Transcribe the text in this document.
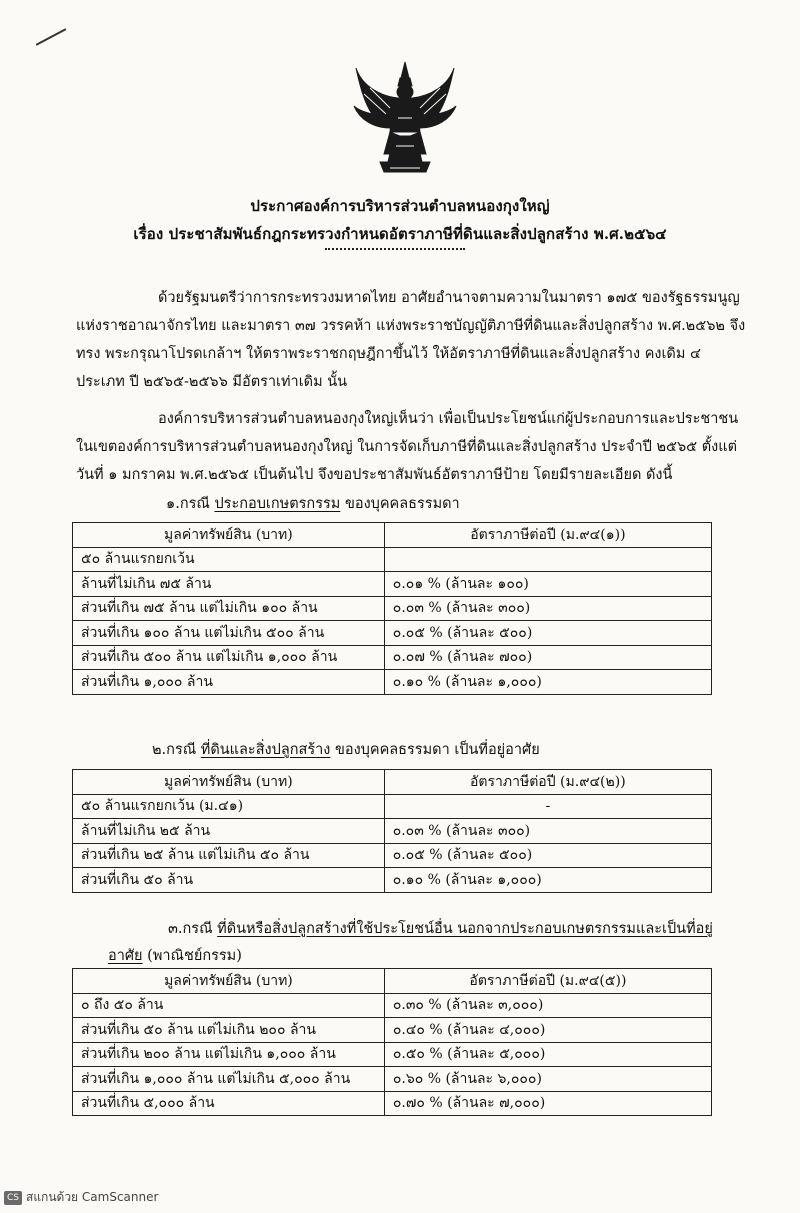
ประกาศองค์การบริหารส่วนตำบลหนองกุงใหญ่
เรื่อง ประชาสัมพันธ์กฎกระทรวงกำหนดอัตราภาษีที่ดินและสิ่งปลูกสร้าง พ.ศ.๒๕๖๔
ด้วยรัฐมนตรีว่าการกระทรวงมหาดไทย อาศัยอำนาจตามความในมาตรา ๑๗๕ ของรัฐธรรมนูญ
แห่งราชอาณาจักรไทย และมาตรา ๓๗ วรรคห้า แห่งพระราชบัญญัติภาษีที่ดินและสิ่งปลูกสร้าง พ.ศ.๒๕๖๒ จึง
ทรง พระกรุณาโปรดเกล้าฯ ให้ตราพระราชกฤษฎีกาขึ้นไว้ ให้อัตราภาษีที่ดินและสิ่งปลูกสร้าง คงเดิม ๔
ประเภท ปี ๒๕๖๕-๒๕๖๖ มีอัตราเท่าเดิม นั้น
องค์การบริหารส่วนตำบลหนองกุงใหญ่เห็นว่า เพื่อเป็นประโยชน์แก่ผู้ประกอบการและประชาชน
ในเขตองค์การบริหารส่วนตำบลหนองกุงใหญ่ ในการจัดเก็บภาษีที่ดินและสิ่งปลูกสร้าง ประจำปี ๒๕๖๕ ตั้งแต่
วันที่ ๑ มกราคม พ.ศ.๒๕๖๕ เป็นต้นไป จึงขอประชาสัมพันธ์อัตราภาษีป้าย โดยมีรายละเอียด ดังนี้
๑.กรณี ประกอบเกษตรกรรม ของบุคคลธรรมดา
มูลค่าทรัพย์สิน (บาท)	อัตราภาษีต่อปี (ม.๙๔(๑))
๕๐ ล้านแรกยกเว้น	
ล้านที่ไม่เกิน ๗๕ ล้าน	๐.๐๑ % (ล้านละ ๑๐๐)
ส่วนที่เกิน ๗๕ ล้าน แต่ไม่เกิน ๑๐๐ ล้าน	๐.๐๓ % (ล้านละ ๓๐๐)
ส่วนที่เกิน ๑๐๐ ล้าน แต่ไม่เกิน ๕๐๐ ล้าน	๐.๐๕ % (ล้านละ ๕๐๐)
ส่วนที่เกิน ๕๐๐ ล้าน แต่ไม่เกิน ๑,๐๐๐ ล้าน	๐.๐๗ % (ล้านละ ๗๐๐)
ส่วนที่เกิน ๑,๐๐๐ ล้าน	๐.๑๐ % (ล้านละ ๑,๐๐๐)
๒.กรณี ที่ดินและสิ่งปลูกสร้าง ของบุคคลธรรมดา เป็นที่อยู่อาศัย
มูลค่าทรัพย์สิน (บาท)	อัตราภาษีต่อปี (ม.๙๔(๒))
๕๐ ล้านแรกยกเว้น (ม.๔๑)	-
ล้านที่ไม่เกิน ๒๕ ล้าน	๐.๐๓ % (ล้านละ ๓๐๐)
ส่วนที่เกิน ๒๕ ล้าน แต่ไม่เกิน ๕๐ ล้าน	๐.๐๕ % (ล้านละ ๕๐๐)
ส่วนที่เกิน ๕๐ ล้าน	๐.๑๐ % (ล้านละ ๑,๐๐๐)
๓.กรณี ที่ดินหรือสิ่งปลูกสร้างที่ใช้ประโยชน์อื่น นอกจากประกอบเกษตรกรรมและเป็นที่อยู่
อาศัย (พาณิชย์กรรม)
มูลค่าทรัพย์สิน (บาท)	อัตราภาษีต่อปี (ม.๙๔(๕))
๐ ถึง ๕๐ ล้าน	๐.๓๐ % (ล้านละ ๓,๐๐๐)
ส่วนที่เกิน ๕๐ ล้าน แต่ไม่เกิน ๒๐๐ ล้าน	๐.๔๐ % (ล้านละ ๔,๐๐๐)
ส่วนที่เกิน ๒๐๐ ล้าน แต่ไม่เกิน ๑,๐๐๐ ล้าน	๐.๕๐ % (ล้านละ ๕,๐๐๐)
ส่วนที่เกิน ๑,๐๐๐ ล้าน แต่ไม่เกิน ๕,๐๐๐ ล้าน	๐.๖๐ % (ล้านละ ๖,๐๐๐)
ส่วนที่เกิน ๕,๐๐๐ ล้าน	๐.๗๐ % (ล้านละ ๗,๐๐๐)
CS สแกนด้วย CamScanner
